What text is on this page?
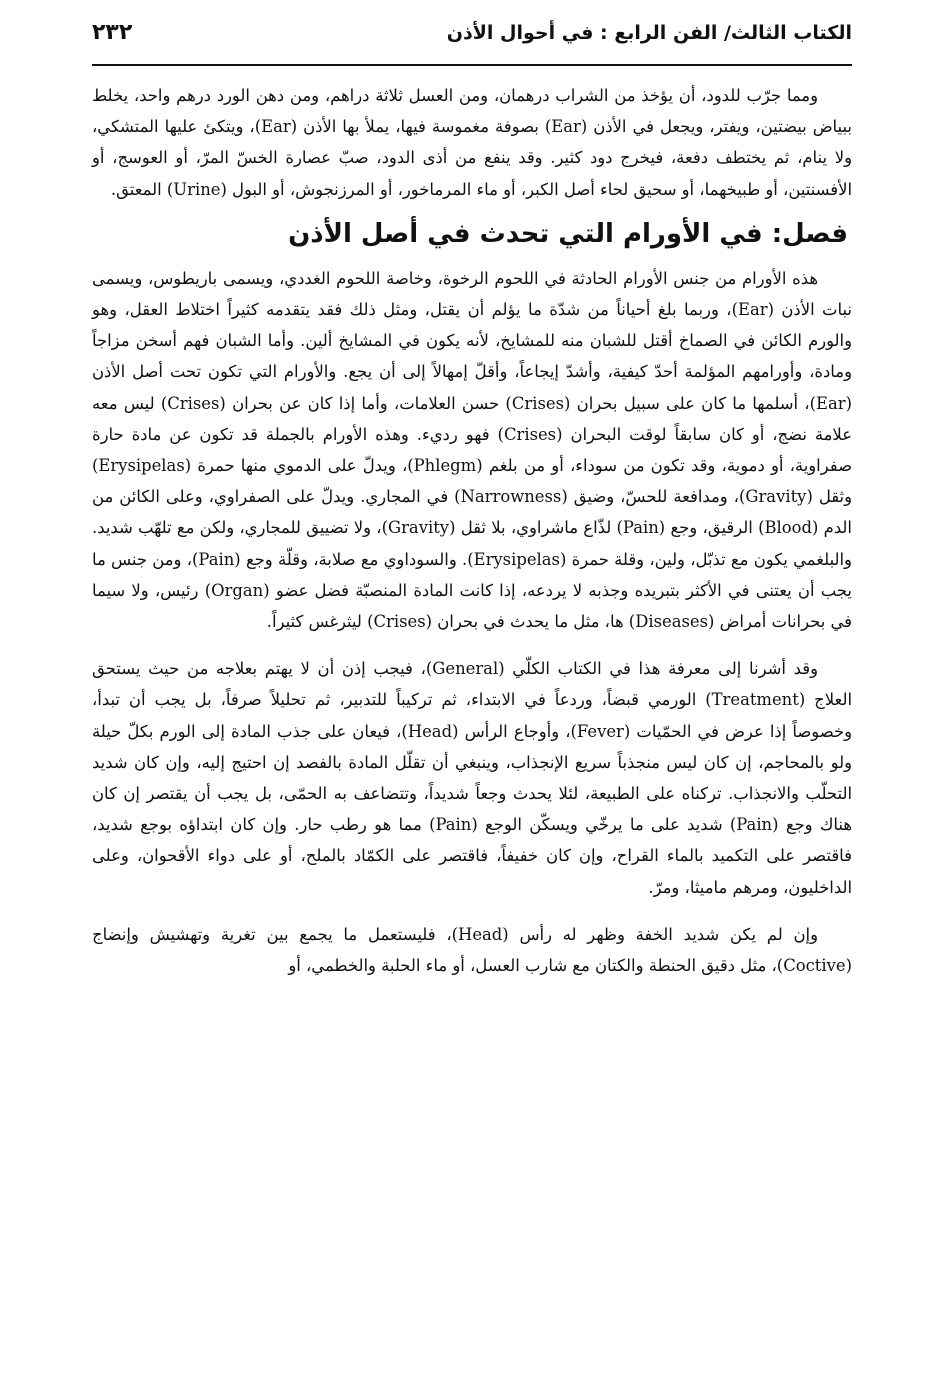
الكتاب الثالث/ الفن الرابع : في أحوال الأذن
٢٣٢

ومما جرّب للدود، أن يؤخذ من الشراب درهمان، ومن العسل ثلاثة دراهم، ومن دهن الورد درهم واحد، يخلط ببياض بيضتين، ويفتر، ويجعل في الأذن (Ear) بصوفة مغموسة فيها، يملأ بها الأذن (Ear)، ويتكئ عليها المتشكي، ولا ينام، ثم يختطف دفعة، فيخرج دود كثير. وقد ينفع من أذى الدود، صبّ عصارة الخسّ المرّ، أو العوسج، أو الأفسنتين، أو طبيخهما، أو سحيق لحاء أصل الكبر، أو ماء المرماخور، أو المرزنجوش، أو البول (Urine) المعتق.

فصل: في الأورام التي تحدث في أصل الأذن

هذه الأورام من جنس الأورام الحادثة في اللحوم الرخوة، وخاصة اللحوم الغددي، ويسمى باريطوس، ويسمى نبات الأذن (Ear)، وربما بلغ أحياناً من شدّة ما يؤلم أن يقتل، ومثل ذلك فقد يتقدمه كثيراً اختلاط العقل، وهو والورم الكائن في الصماخ أقتل للشبان منه للمشايخ، لأنه يكون في المشايخ ألين. وأما الشبان فهم أسخن مزاجاً ومادة، وأورامهم المؤلمة أحدّ كيفية، وأشدّ إيجاعاً، وأقلّ إمهالاً إلى أن يجع. والأورام التي تكون تحت أصل الأذن (Ear)، أسلمها ما كان على سبيل بحران (Crises) حسن العلامات، وأما إذا كان عن بحران (Crises) ليس معه علامة نضج، أو كان سابقاً لوقت البحران (Crises) فهو رديء. وهذه الأورام بالجملة قد تكون عن مادة حارة صفراوية، أو دموية، وقد تكون من سوداء، أو من بلغم (Phlegm)، ويدلّ على الدموي منها حمرة (Erysipelas) وثقل (Gravity)، ومدافعة للحسّ، وضيق (Narrowness) في المجاري. ويدلّ على الصفراوي، وعلى الكائن من الدم (Blood) الرقيق، وجع (Pain) لذّاع ماشراوي، بلا ثقل (Gravity)، ولا تضييق للمجاري، ولكن مع تلهّب شديد. والبلغمي يكون مع تذبّل، ولين، وقلة حمرة (Erysipelas). والسوداوي مع صلابة، وقلّة وجع (Pain)، ومن جنس ما يجب أن يعتنى في الأكثر بتبريده وجذبه لا يردعه، إذا كانت المادة المنصبّة فضل عضو (Organ) رئيس، ولا سيما في بحرانات أمراض (Diseases) ها، مثل ما يحدث في بحران (Crises) ليثرغس كثيراً.

وقد أشرنا إلى معرفة هذا في الكتاب الكلّي (General)، فيجب إذن أن لا يهتم بعلاجه من حيث يستحق العلاج (Treatment) الورمي قبضاً، وردعاً في الابتداء، ثم تركيباً للتدبير، ثم تحليلاً صرفاً، بل يجب أن تبدأ، وخصوصاً إذا عرض في الحمّيات (Fever)، وأوجاع الرأس (Head)، فيعان على جذب المادة إلى الورم بكلّ حيلة ولو بالمحاجم، إن كان ليس منجذباً سريع الإنجذاب، وينبغي أن تقلّل المادة بالفصد إن احتيج إليه، وإن كان شديد التحلّب والانجذاب. تركناه على الطبيعة، لئلا يحدث وجعاً شديداً، وتتضاعف به الحمّى، بل يجب أن يقتصر إن كان هناك وجع (Pain) شديد على ما يرخّي ويسكّن الوجع (Pain) مما هو رطب حار. وإن كان ابتداؤه بوجع شديد، فاقتصر على التكميد بالماء القراح، وإن كان خفيفاً، فاقتصر على الكمّاد بالملح، أو على دواء الأقحوان، وعلى الداخليون، ومرهم ماميثا، ومرّ.

وإن لم يكن شديد الخفة وظهر له رأس (Head)، فليستعمل ما يجمع بين تغرية وتهشيش وإنضاج (Coctive)، مثل دقيق الحنطة والكتان مع شارب العسل، أو ماء الحلبة والخطمي، أو
